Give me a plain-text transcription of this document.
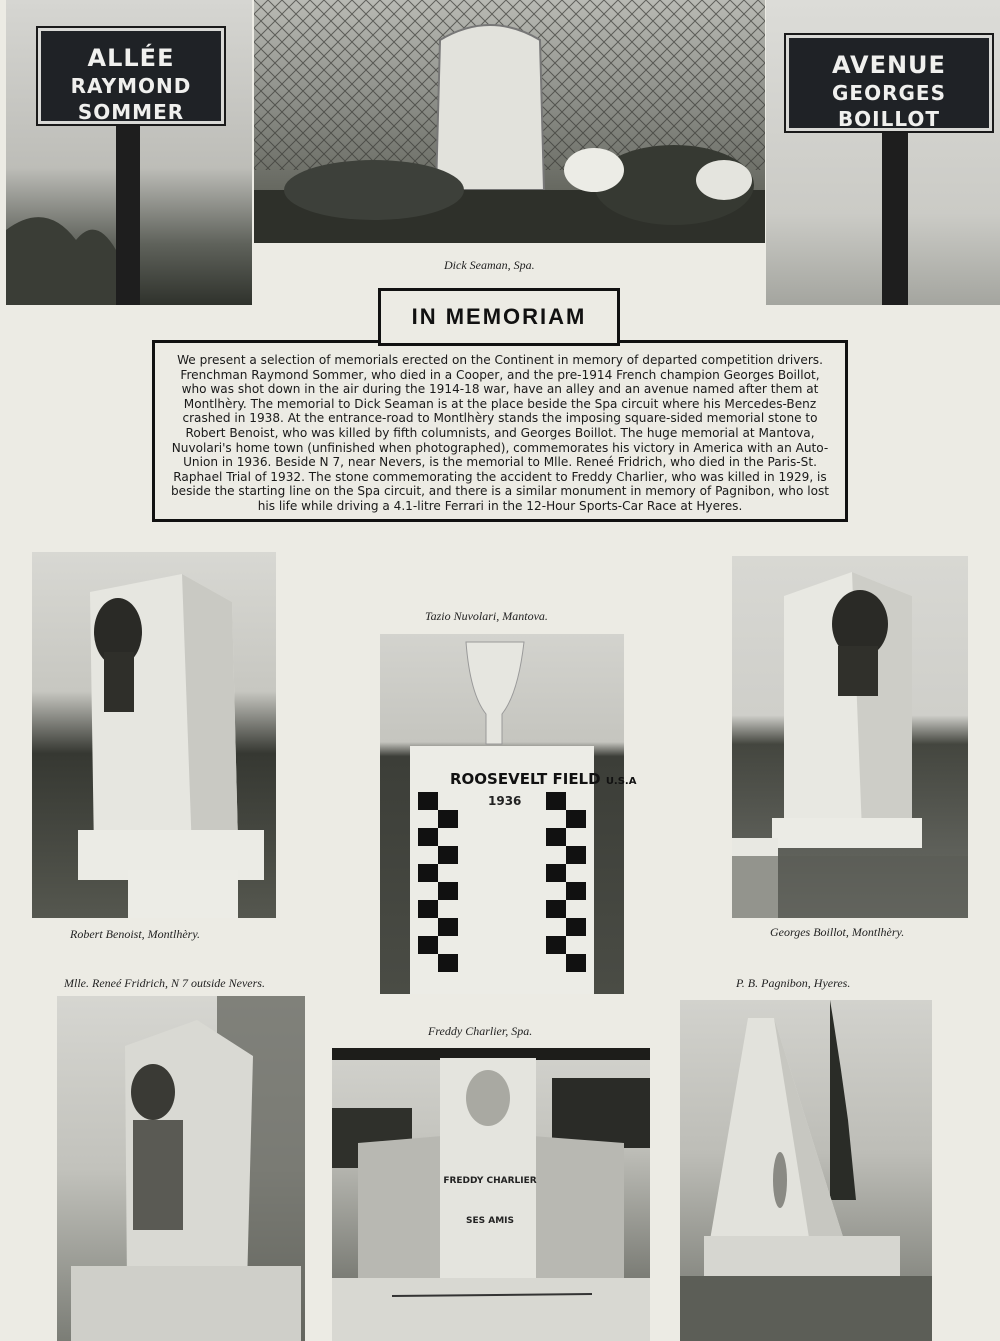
ALLÉE
RAYMOND SOMMER
Dick Seaman, Spa.
AVENUE
GEORGES BOILLOT
IN MEMORIAM

We present a selection of memorials erected on the Continent in memory of departed competition drivers. Frenchman Raymond Sommer, who died in a Cooper, and the pre-1914 French champion Georges Boillot, who was shot down in the air during the 1914-18 war, have an alley and an avenue named after them at Montlhèry. The memorial to Dick Seaman is at the place beside the Spa circuit where his Mercedes-Benz crashed in 1938. At the entrance-road to Montlhèry stands the imposing square-sided memorial stone to Robert Benoist, who was killed by fifth columnists, and Georges Boillot. The huge memorial at Mantova, Nuvolari's home town (unfinished when photographed), commemorates his victory in America with an Auto-Union in 1936. Beside N 7, near Nevers, is the memorial to Mlle. Reneé Fridrich, who died in the Paris-St. Raphael Trial of 1932. The stone commemorating the accident to Freddy Charlier, who was killed in 1929, is beside the starting line on the Spa circuit, and there is a similar monument in memory of Pagnibon, who lost his life while driving a 4.1-litre Ferrari in the 12-Hour Sports-Car Race at Hyeres.

Robert Benoist, Montlhèry.
Tazio Nuvolari, Mantova.
ROOSEVELT FIELD U.S.A
1936
Georges Boillot, Montlhèry.
Mlle. Reneé Fridrich, N 7 outside Nevers.
Freddy Charlier, Spa.
FREDDY CHARLIER
SES AMIS
P. B. Pagnibon, Hyeres.
